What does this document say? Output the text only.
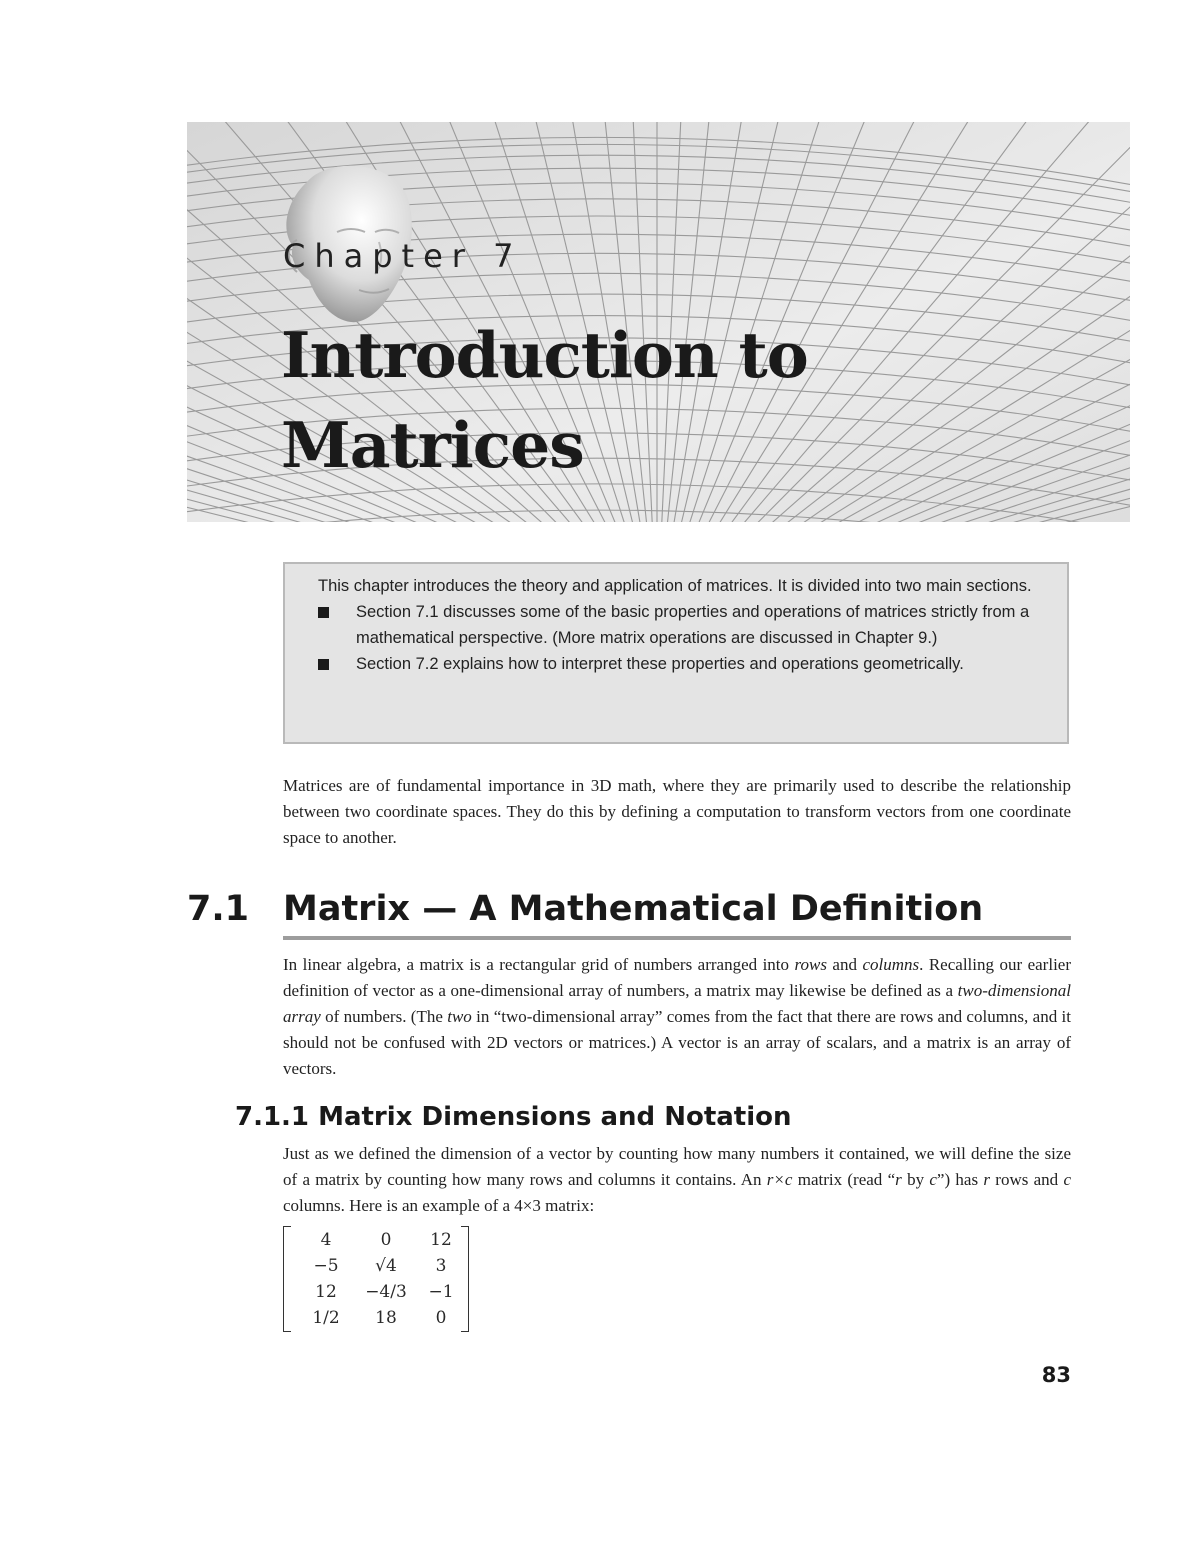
Chapter 7
Introduction to
Matrices

This chapter introduces the theory and application of matrices. It is divided into two main sections.

Section 7.1 discusses some of the basic properties and operations of matrices strictly from a mathematical perspective. (More matrix operations are discussed in Chapter 9.)
Section 7.2 explains how to interpret these properties and operations geometrically.

Matrices are of fundamental importance in 3D math, where they are primarily used to describe the relationship between two coordinate spaces. They do this by defining a computation to transform vectors from one coordinate space to another.

7.1 Matrix — A Mathematical Definition

In linear algebra, a matrix is a rectangular grid of numbers arranged into rows and columns. Recalling our earlier definition of vector as a one-dimensional array of numbers, a matrix may likewise be defined as a two-dimensional array of numbers. (The two in “two-dimensional array” comes from the fact that there are rows and columns, and it should not be confused with 2D vectors or matrices.) A vector is an array of scalars, and a matrix is an array of vectors.

7.1.1 Matrix Dimensions and Notation

Just as we defined the dimension of a vector by counting how many numbers it contained, we will define the size of a matrix by counting how many rows and columns it contains. An r×c matrix (read “r by c”) has r rows and c columns. Here is an example of a 4×3 matrix:

4	0	12
−5	√4	3
12	−4/3	−1
1/2	18	0
83
